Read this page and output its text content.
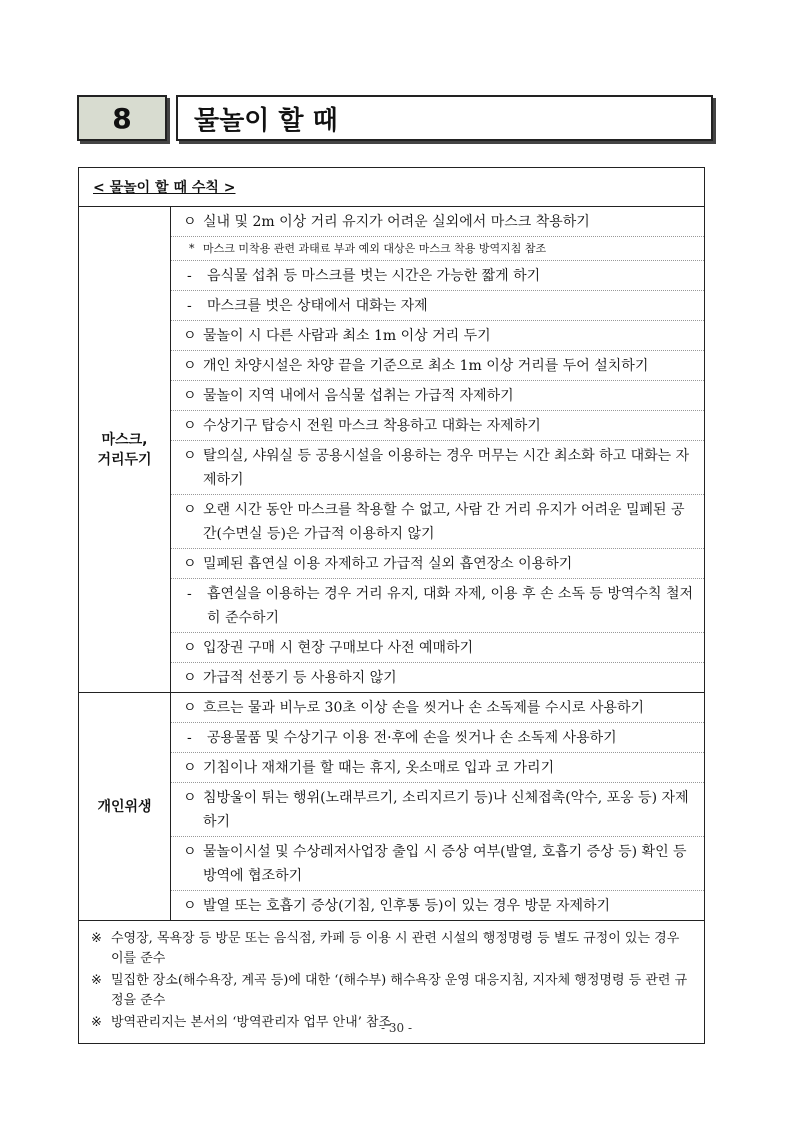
8 물놀이 할 때
< 물놀이 할 때 수칙 >
마스크,
거리두기
ㅇ 실내 및 2m 이상 거리 유지가 어려운 실외에서 마스크 착용하기
* 마스크 미착용 관련 과태료 부과 예외 대상은 마스크 착용 방역지침 참조
-	음식물 섭취 등 마스크를 벗는 시간은 가능한 짧게 하기
-	마스크를 벗은 상태에서 대화는 자제
ㅇ 물놀이 시 다른 사람과 최소 1m 이상 거리 두기
ㅇ 개인 차양시설은 차양 끝을 기준으로 최소 1m 이상 거리를 두어 설치하기
ㅇ 물놀이 지역 내에서 음식물 섭취는 가급적 자제하기
ㅇ 수상기구 탑승시 전원 마스크 착용하고 대화는 자제하기
ㅇ 탈의실, 샤워실 등 공용시설을 이용하는 경우 머무는 시간 최소화 하고 대화는 자제하기
ㅇ 오랜 시간 동안 마스크를 착용할 수 없고, 사람 간 거리 유지가 어려운 밀폐된 공간(수면실 등)은 가급적 이용하지 않기
ㅇ 밀폐된 흡연실 이용 자제하고 가급적 실외 흡연장소 이용하기
-	흡연실을 이용하는 경우 거리 유지, 대화 자제, 이용 후 손 소독 등 방역수칙 철저히 준수하기
ㅇ 입장권 구매 시 현장 구매보다 사전 예매하기
ㅇ 가급적 선풍기 등 사용하지 않기
개인위생
ㅇ 흐르는 물과 비누로 30초 이상 손을 씻거나 손 소독제를 수시로 사용하기
-	공용물품 및 수상기구 이용 전·후에 손을 씻거나 손 소독제 사용하기
ㅇ 기침이나 재채기를 할 때는 휴지, 옷소매로 입과 코 가리기
ㅇ 침방울이 튀는 행위(노래부르기, 소리지르기 등)나 신체접촉(악수, 포옹 등) 자제하기
ㅇ 물놀이시설 및 수상레저사업장 출입 시 증상 여부(발열, 호흡기 증상 등) 확인 등 방역에 협조하기
ㅇ 발열 또는 호흡기 증상(기침, 인후통 등)이 있는 경우 방문 자제하기
※ 수영장, 목욕장 등 방문 또는 음식점, 카페 등 이용 시 관련 시설의 행정명령 등 별도 규정이 있는 경우 이를 준수
※ 밀집한 장소(해수욕장, 계곡 등)에 대한 ‘(해수부) 해수욕장 운영 대응지침, 지자체 행정명령 등 관련 규정을 준수
※ 방역관리지는 본서의 ‘방역관리자 업무 안내’ 참조
- 30 -
